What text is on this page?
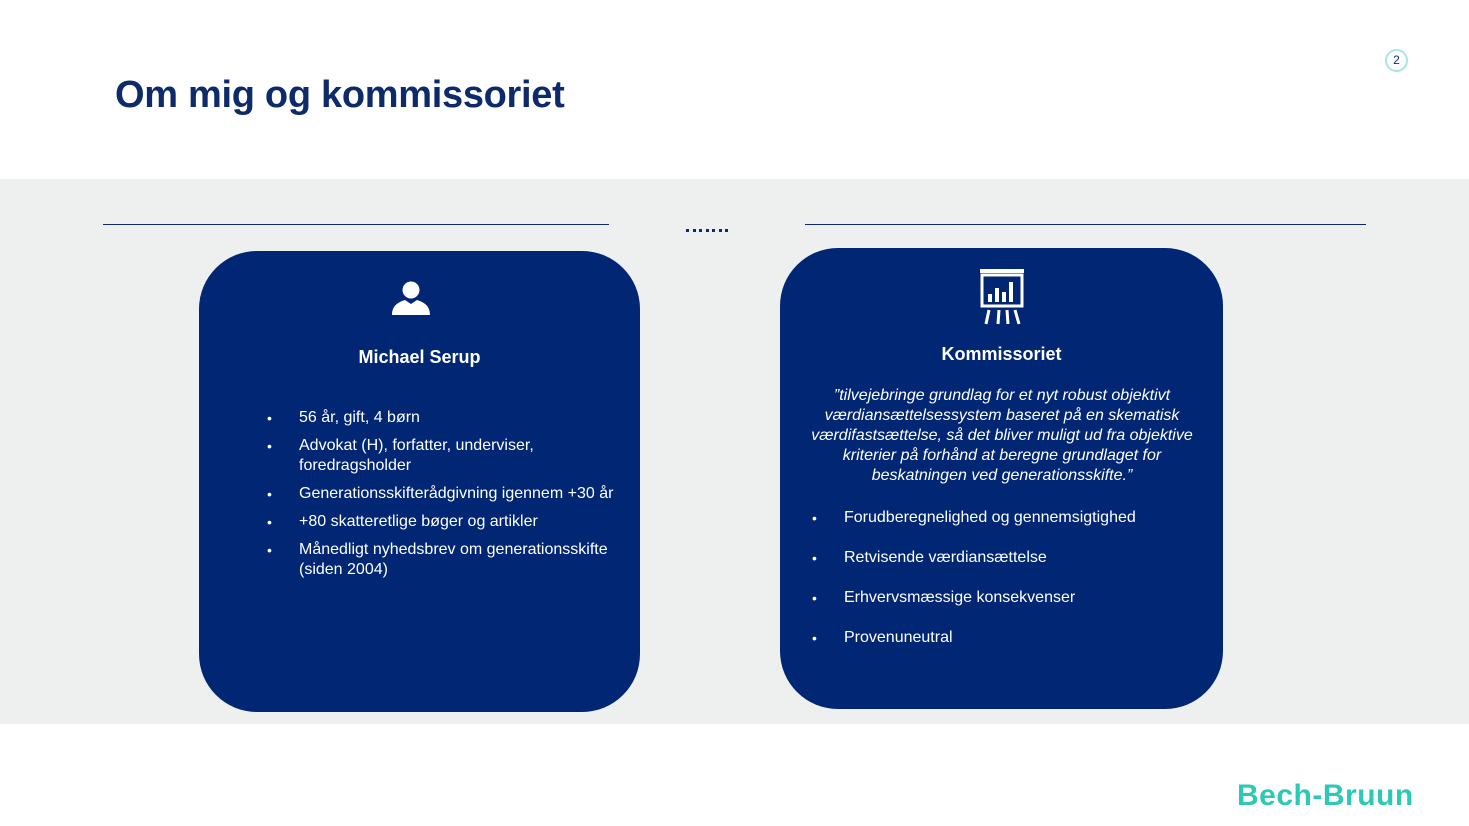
Om mig og kommissoriet
2
Michael Serup
• 56 år, gift, 4 børn
• Advokat (H), forfatter, underviser, foredragsholder
• Generationsskifterådgivning igennem +30 år
• +80 skatteretlige bøger og artikler
• Månedligt nyhedsbrev om generationsskifte (siden 2004)
Kommissoriet
”tilvejebringe grundlag for et nyt robust objektivt værdiansættelsessystem baseret på en skematisk værdifastsættelse, så det bliver muligt ud fra objektive kriterier på forhånd at beregne grundlaget for beskatningen ved generationsskifte.”
• Forudberegnelighed og gennemsigtighed
• Retvisende værdiansættelse
• Erhvervsmæssige konsekvenser
• Provenuneutral
Bech-Bruun
